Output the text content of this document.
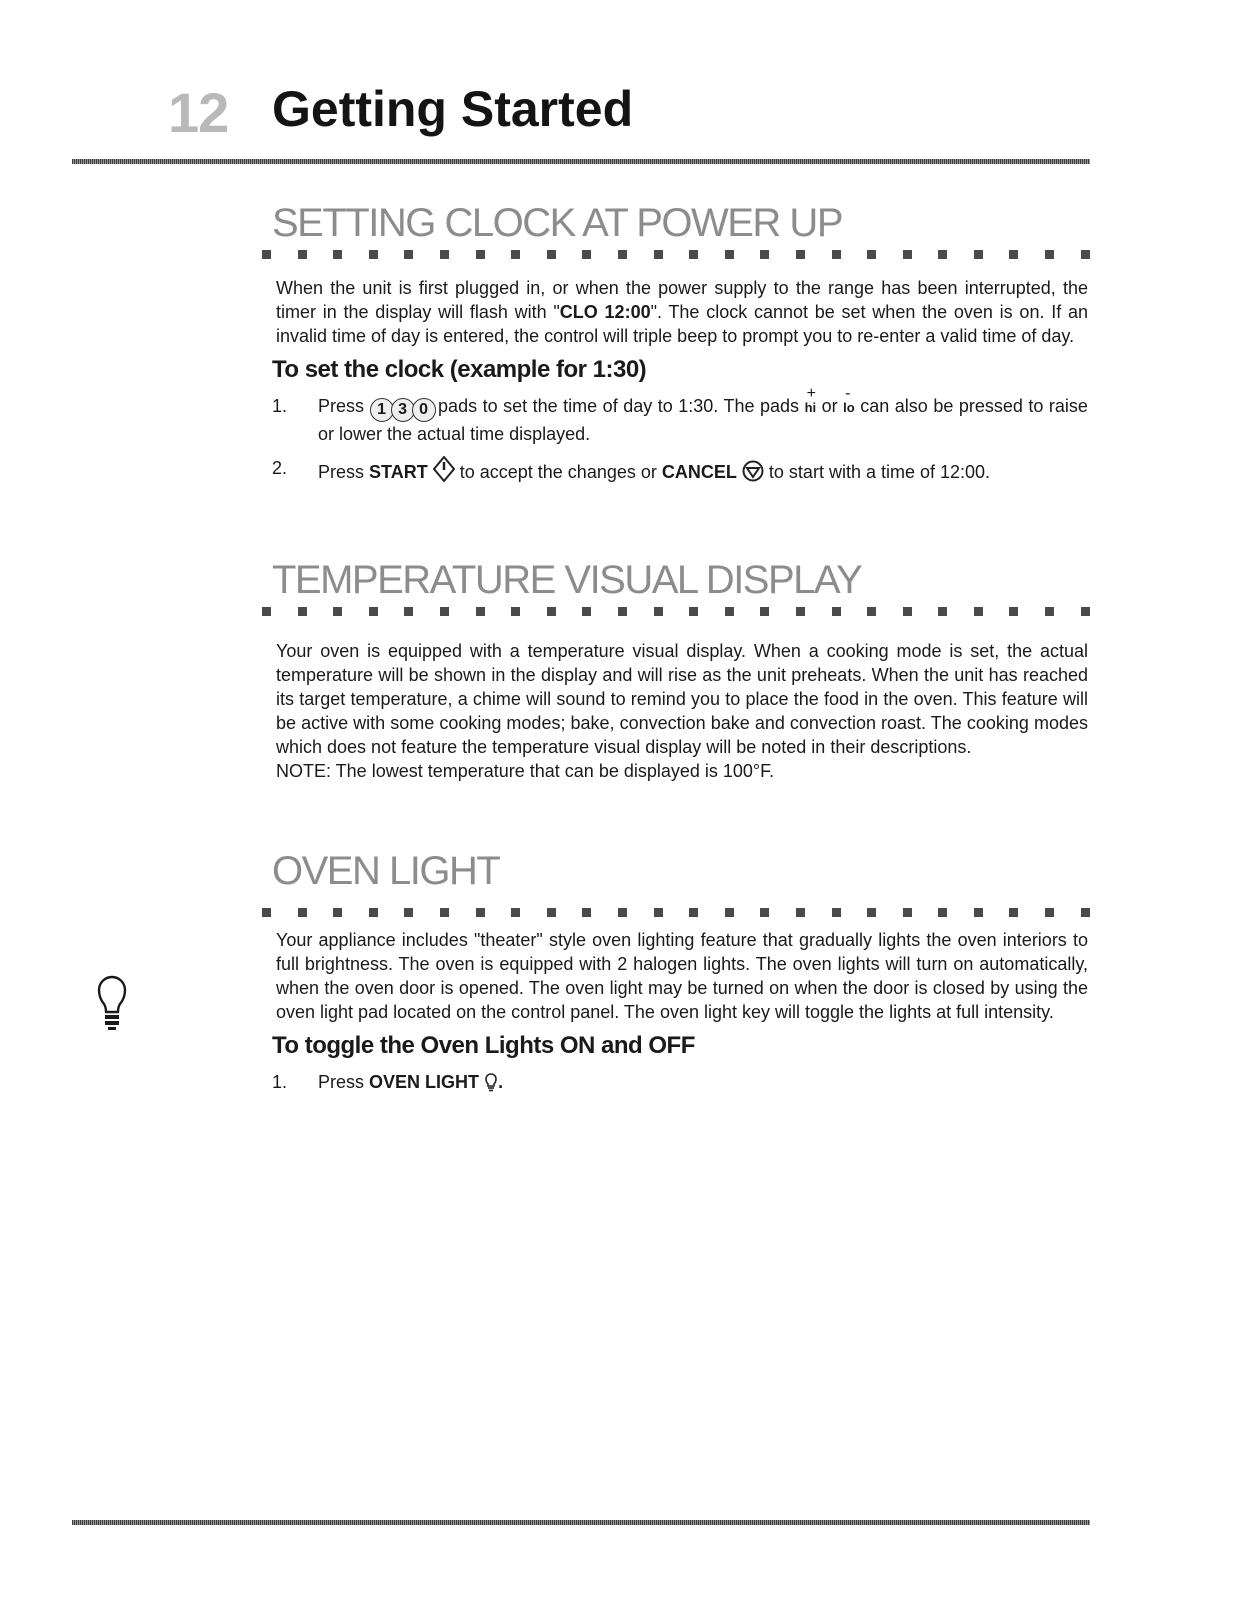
12 Getting Started
SETTING CLOCK AT POWER UP

When the unit is first plugged in, or when the power supply to the range has been interrupted, the timer in the display will flash with "CLO 12:00". The clock cannot be set when the oven is on. If an invalid time of day is entered, the control will triple beep to prompt you to re-enter a valid time of day.

To set the clock (example for 1:30)
1. Press 1 3 0 pads to set the time of day to 1:30. The pads
+
hi or
-
lo can also be pressed to raise or lower the actual time displayed.
2. Press START to accept the changes or CANCEL to start with a time of 12:00.
TEMPERATURE VISUAL DISPLAY

Your oven is equipped with a temperature visual display. When a cooking mode is set, the actual temperature will be shown in the display and will rise as the unit preheats. When the unit has reached its target temperature, a chime will sound to remind you to place the food in the oven. This feature will be active with some cooking modes; bake, convection bake and convection roast. The cooking modes which does not feature the temperature visual display will be noted in their descriptions.
NOTE: The lowest temperature that can be displayed is 100°F.

OVEN LIGHT

Your appliance includes "theater" style oven lighting feature that gradually lights the oven interiors to full brightness. The oven is equipped with 2 halogen lights. The oven lights will turn on automatically, when the oven door is opened. The oven light may be turned on when the door is closed by using the oven light pad located on the control panel. The oven light key will toggle the lights at full intensity.

To toggle the Oven Lights ON and OFF
1. Press OVEN LIGHT .
